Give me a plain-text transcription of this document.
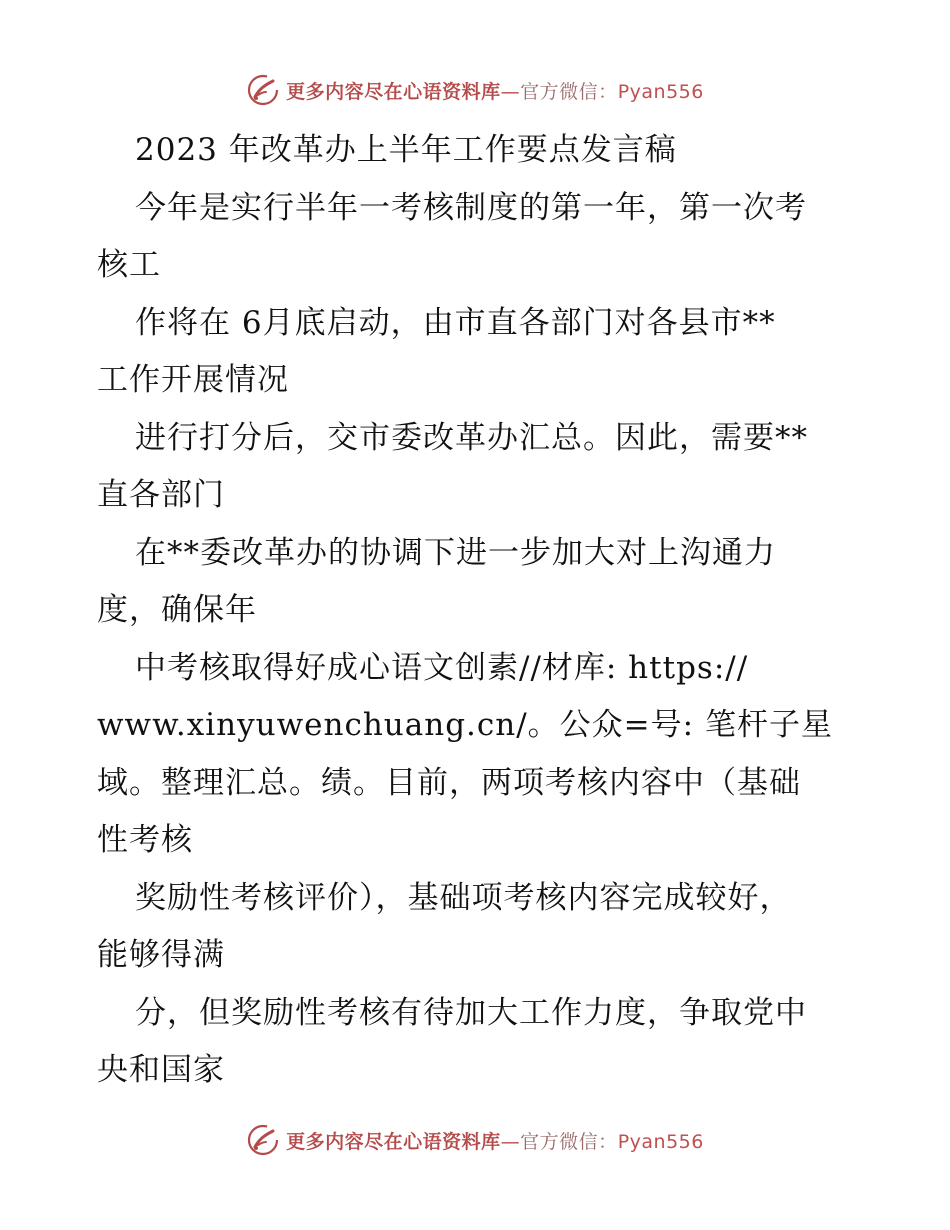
更多内容尽在心语资料库—官方微信：Pyan556
2023 年改革办上半年工作要点发言稿
今年是实行半年一考核制度的第一年，第一次考
核工
作将在 6月底启动，由市直各部门对各县市**
工作开展情况
进行打分后，交市委改革办汇总。因此，需要**
直各部门
在**委改革办的协调下进一步加大对上沟通力
度，确保年
中考核取得好成心语文创素//材库: https://
www.xinyuwenchuang.cn/。公众=号: 笔杆子星
域。整理汇总。绩。目前，两项考核内容中（基础
性考核
奖励性考核评价），基础项考核内容完成较好，
能够得满
分，但奖励性考核有待加大工作力度，争取党中
央和国家
更多内容尽在心语资料库—官方微信：Pyan556
